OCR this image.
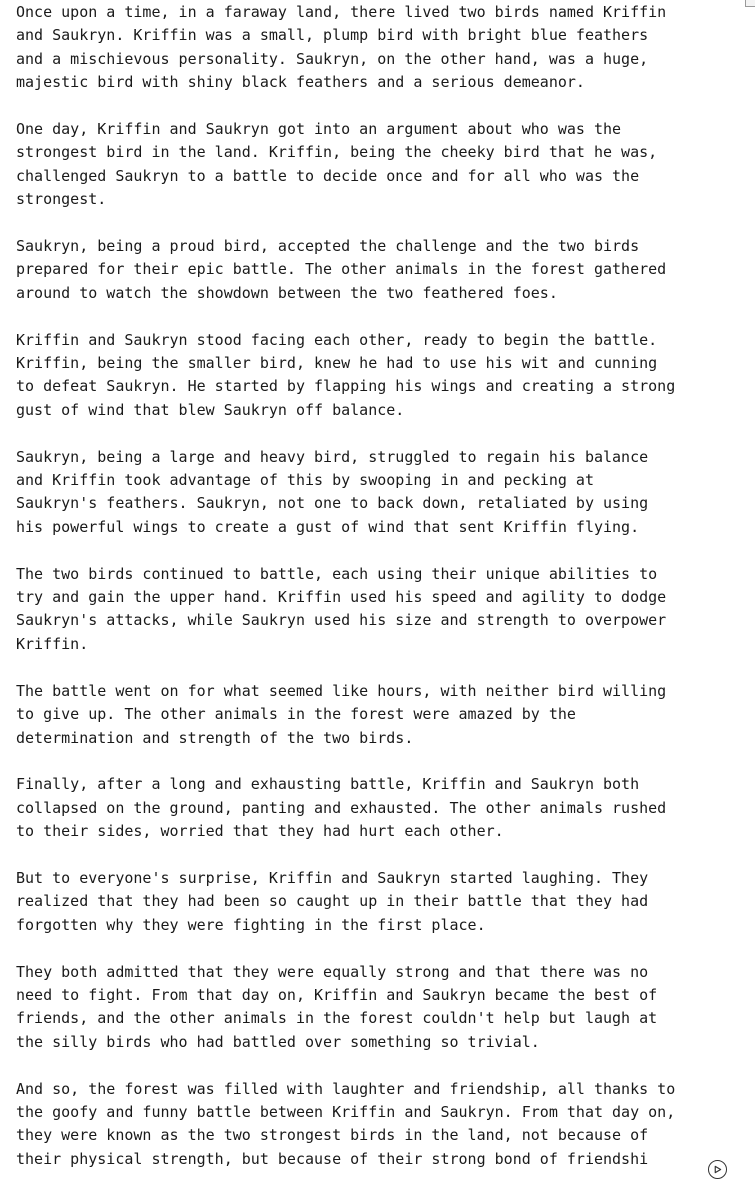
Once upon a time, in a faraway land, there lived two birds named Kriffin
and Saukryn. Kriffin was a small, plump bird with bright blue feathers
and a mischievous personality. Saukryn, on the other hand, was a huge,
majestic bird with shiny black feathers and a serious demeanor.
One day, Kriffin and Saukryn got into an argument about who was the
strongest bird in the land. Kriffin, being the cheeky bird that he was,
challenged Saukryn to a battle to decide once and for all who was the
strongest.
Saukryn, being a proud bird, accepted the challenge and the two birds
prepared for their epic battle. The other animals in the forest gathered
around to watch the showdown between the two feathered foes.
Kriffin and Saukryn stood facing each other, ready to begin the battle.
Kriffin, being the smaller bird, knew he had to use his wit and cunning
to defeat Saukryn. He started by flapping his wings and creating a strong
gust of wind that blew Saukryn off balance.
Saukryn, being a large and heavy bird, struggled to regain his balance
and Kriffin took advantage of this by swooping in and pecking at
Saukryn's feathers. Saukryn, not one to back down, retaliated by using
his powerful wings to create a gust of wind that sent Kriffin flying.
The two birds continued to battle, each using their unique abilities to
try and gain the upper hand. Kriffin used his speed and agility to dodge
Saukryn's attacks, while Saukryn used his size and strength to overpower
Kriffin.
The battle went on for what seemed like hours, with neither bird willing
to give up. The other animals in the forest were amazed by the
determination and strength of the two birds.
Finally, after a long and exhausting battle, Kriffin and Saukryn both
collapsed on the ground, panting and exhausted. The other animals rushed
to their sides, worried that they had hurt each other.
But to everyone's surprise, Kriffin and Saukryn started laughing. They
realized that they had been so caught up in their battle that they had
forgotten why they were fighting in the first place.
They both admitted that they were equally strong and that there was no
need to fight. From that day on, Kriffin and Saukryn became the best of
friends, and the other animals in the forest couldn't help but laugh at
the silly birds who had battled over something so trivial.
And so, the forest was filled with laughter and friendship, all thanks to
the goofy and funny battle between Kriffin and Saukryn. From that day on,
they were known as the two strongest birds in the land, not because of
their physical strength, but because of their strong bond of friendshi
